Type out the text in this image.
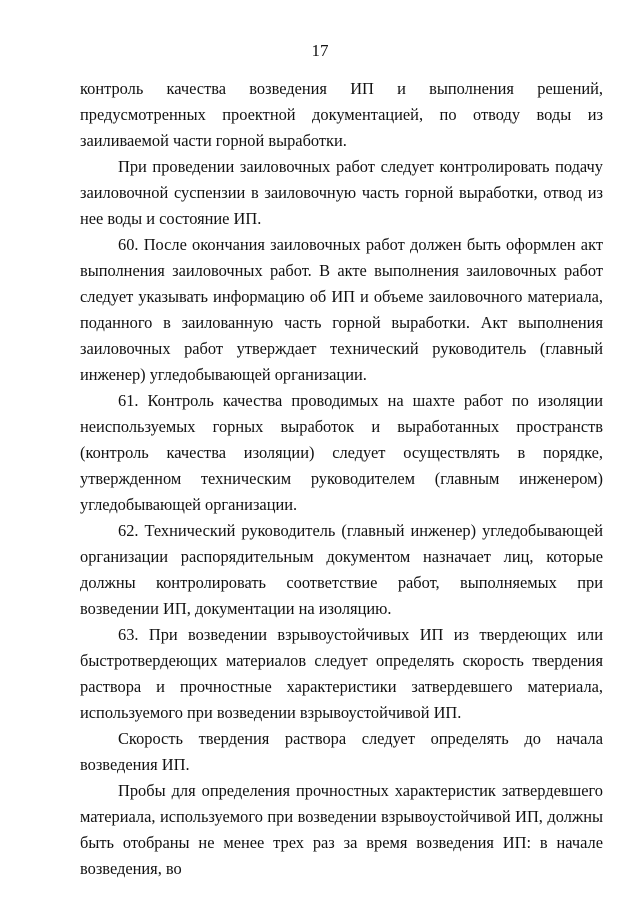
17

контроль качества возведения ИП и выполнения решений, предусмотренных проектной документацией, по отводу воды из заиливаемой части горной выработки.

При проведении заиловочных работ следует контролировать подачу заиловочной суспензии в заиловочную часть горной выработки, отвод из нее воды и состояние ИП.

60. После окончания заиловочных работ должен быть оформлен акт выполнения заиловочных работ. В акте выполнения заиловочных работ следует указывать информацию об ИП и объеме заиловочного материала, поданного в заилованную часть горной выработки. Акт выполнения заиловочных работ утверждает технический руководитель (главный инженер) угледобывающей организации.

61. Контроль качества проводимых на шахте работ по изоляции неиспользуемых горных выработок и выработанных пространств (контроль качества изоляции) следует осуществлять в порядке, утвержденном техническим руководителем (главным инженером) угледобывающей организации.

62. Технический руководитель (главный инженер) угледобывающей организации распорядительным документом назначает лиц, которые должны контролировать соответствие работ, выполняемых при возведении ИП, документации на изоляцию.

63. При возведении взрывоустойчивых ИП из твердеющих или быстротвердеющих материалов следует определять скорость твердения раствора и прочностные характеристики затвердевшего материала, используемого при возведении взрывоустойчивой ИП.

Скорость твердения раствора следует определять до начала возведения ИП.

Пробы для определения прочностных характеристик затвердевшего материала, используемого при возведении взрывоустойчивой ИП, должны быть отобраны не менее трех раз за время возведения ИП: в начале возведения, во
